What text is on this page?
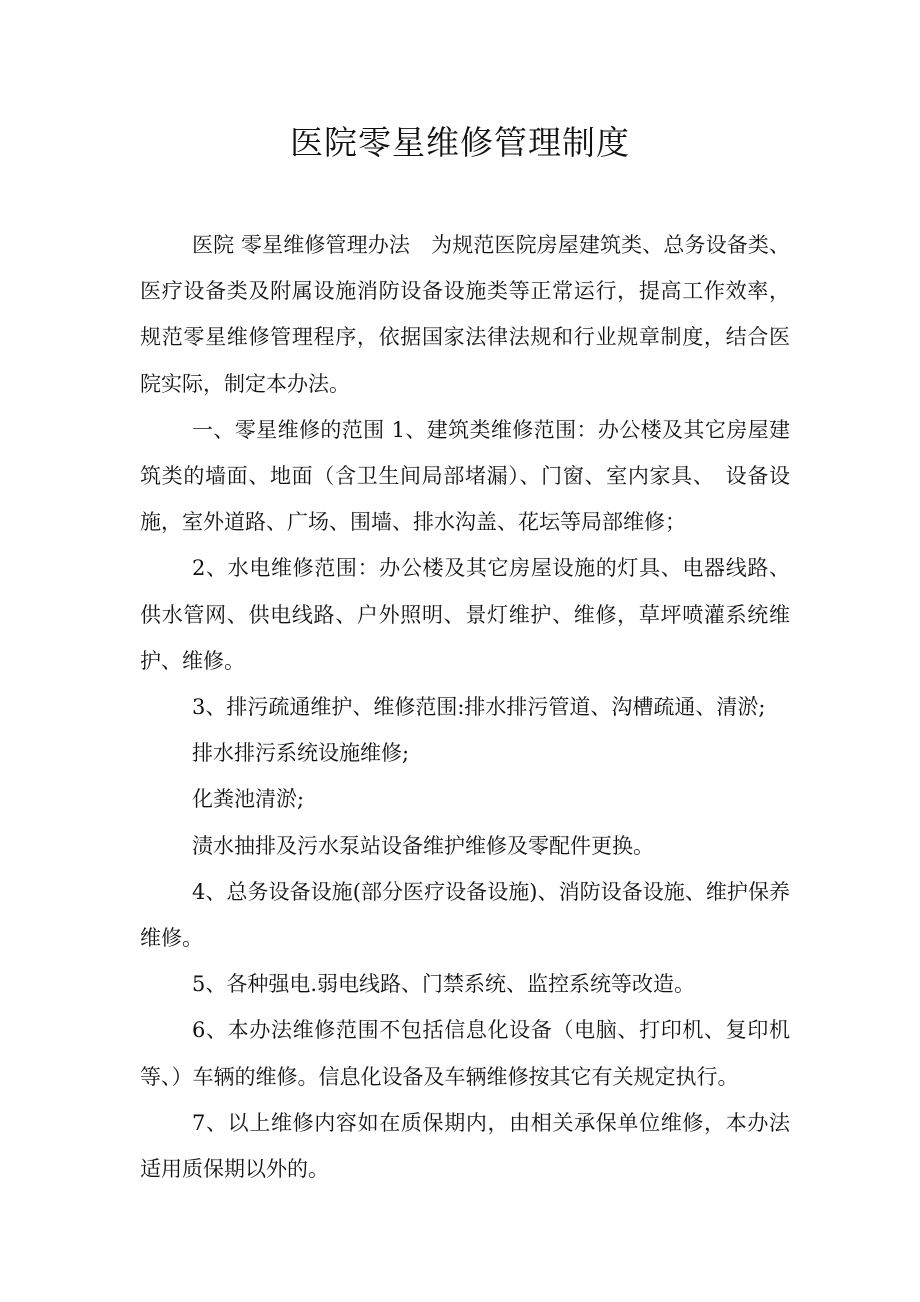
医院零星维修管理制度

医院 零星维修管理办法　为规范医院房屋建筑类、总务设备类、医疗设备类及附属设施消防设备设施类等正常运行，提高工作效率，规范零星维修管理程序，依据国家法律法规和行业规章制度，结合医院实际，制定本办法。

一、零星维修的范围 1、建筑类维修范围：办公楼及其它房屋建筑类的墙面、地面（含卫生间局部堵漏）、门窗、室内家具、　设备设施，室外道路、广场、围墙、排水沟盖、花坛等局部维修；

2、水电维修范围：办公楼及其它房屋设施的灯具、电器线路、供水管网、供电线路、户外照明、景灯维护、维修，草坪喷灌系统维护、维修。

3、排污疏通维护、维修范围:排水排污管道、沟槽疏通、清淤;

排水排污系统设施维修;

化粪池清淤;

渍水抽排及污水泵站设备维护维修及零配件更换。

4、总务设备设施(部分医疗设备设施)、消防设备设施、维护保养维修。

5、各种强电.弱电线路、门禁系统、监控系统等改造。

6、本办法维修范围不包括信息化设备（电脑、打印机、复印机等、）车辆的维修。信息化设备及车辆维修按其它有关规定执行。

7、以上维修内容如在质保期内，由相关承保单位维修，本办法适用质保期以外的。
